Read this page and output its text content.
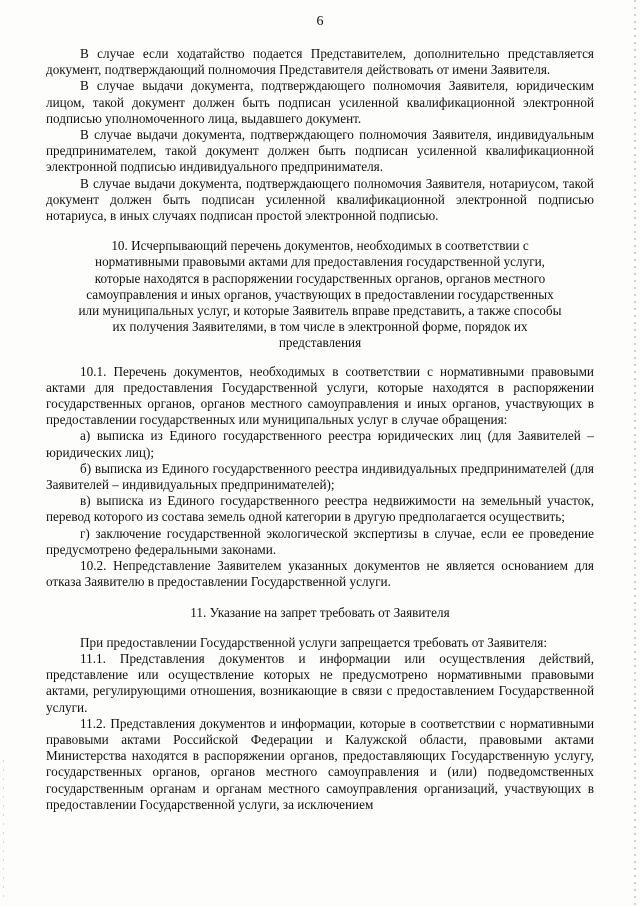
6

В случае если ходатайство подается Представителем, дополнительно представляется документ, подтверждающий полномочия Представителя действовать от имени Заявителя.

В случае выдачи документа, подтверждающего полномочия Заявителя, юридическим лицом, такой документ должен быть подписан усиленной квалификационной электронной подписью уполномоченного лица, выдавшего документ.

В случае выдачи документа, подтверждающего полномочия Заявителя, индивидуальным предпринимателем, такой документ должен быть подписан усиленной квалификационной электронной подписью индивидуального предпринимателя.

В случае выдачи документа, подтверждающего полномочия Заявителя, нотариусом, такой документ должен быть подписан усиленной квалификационной электронной подписью нотариуса, в иных случаях подписан простой электронной подписью.

10. Исчерпывающий перечень документов, необходимых в соответствии с нормативными правовыми актами для предоставления государственной услуги, которые находятся в распоряжении государственных органов, органов местного самоуправления и иных органов, участвующих в предоставлении государственных или муниципальных услуг, и которые Заявитель вправе представить, а также способы их получения Заявителями, в том числе в электронной форме, порядок их представления

10.1. Перечень документов, необходимых в соответствии с нормативными правовыми актами для предоставления Государственной услуги, которые находятся в распоряжении государственных органов, органов местного самоуправления и иных органов, участвующих в предоставлении государственных или муниципальных услуг в случае обращения:

а) выписка из Единого государственного реестра юридических лиц (для Заявителей – юридических лиц);

б) выписка из Единого государственного реестра индивидуальных предпринимателей (для Заявителей – индивидуальных предпринимателей);

в) выписка из Единого государственного реестра недвижимости на земельный участок, перевод которого из состава земель одной категории в другую предполагается осуществить;

г) заключение государственной экологической экспертизы в случае, если ее проведение предусмотрено федеральными законами.

10.2. Непредставление Заявителем указанных документов не является основанием для отказа Заявителю в предоставлении Государственной услуги.

11. Указание на запрет требовать от Заявителя

При предоставлении Государственной услуги запрещается требовать от Заявителя:

11.1. Представления документов и информации или осуществления действий, представление или осуществление которых не предусмотрено нормативными правовыми актами, регулирующими отношения, возникающие в связи с предоставлением Государственной услуги.

11.2. Представления документов и информации, которые в соответствии с нормативными правовыми актами Российской Федерации и Калужской области, правовыми актами Министерства находятся в распоряжении органов, предоставляющих Государственную услугу, государственных органов, органов местного самоуправления и (или) подведомственных государственным органам и органам местного самоуправления организаций, участвующих в предоставлении Государственной услуги, за исключением
